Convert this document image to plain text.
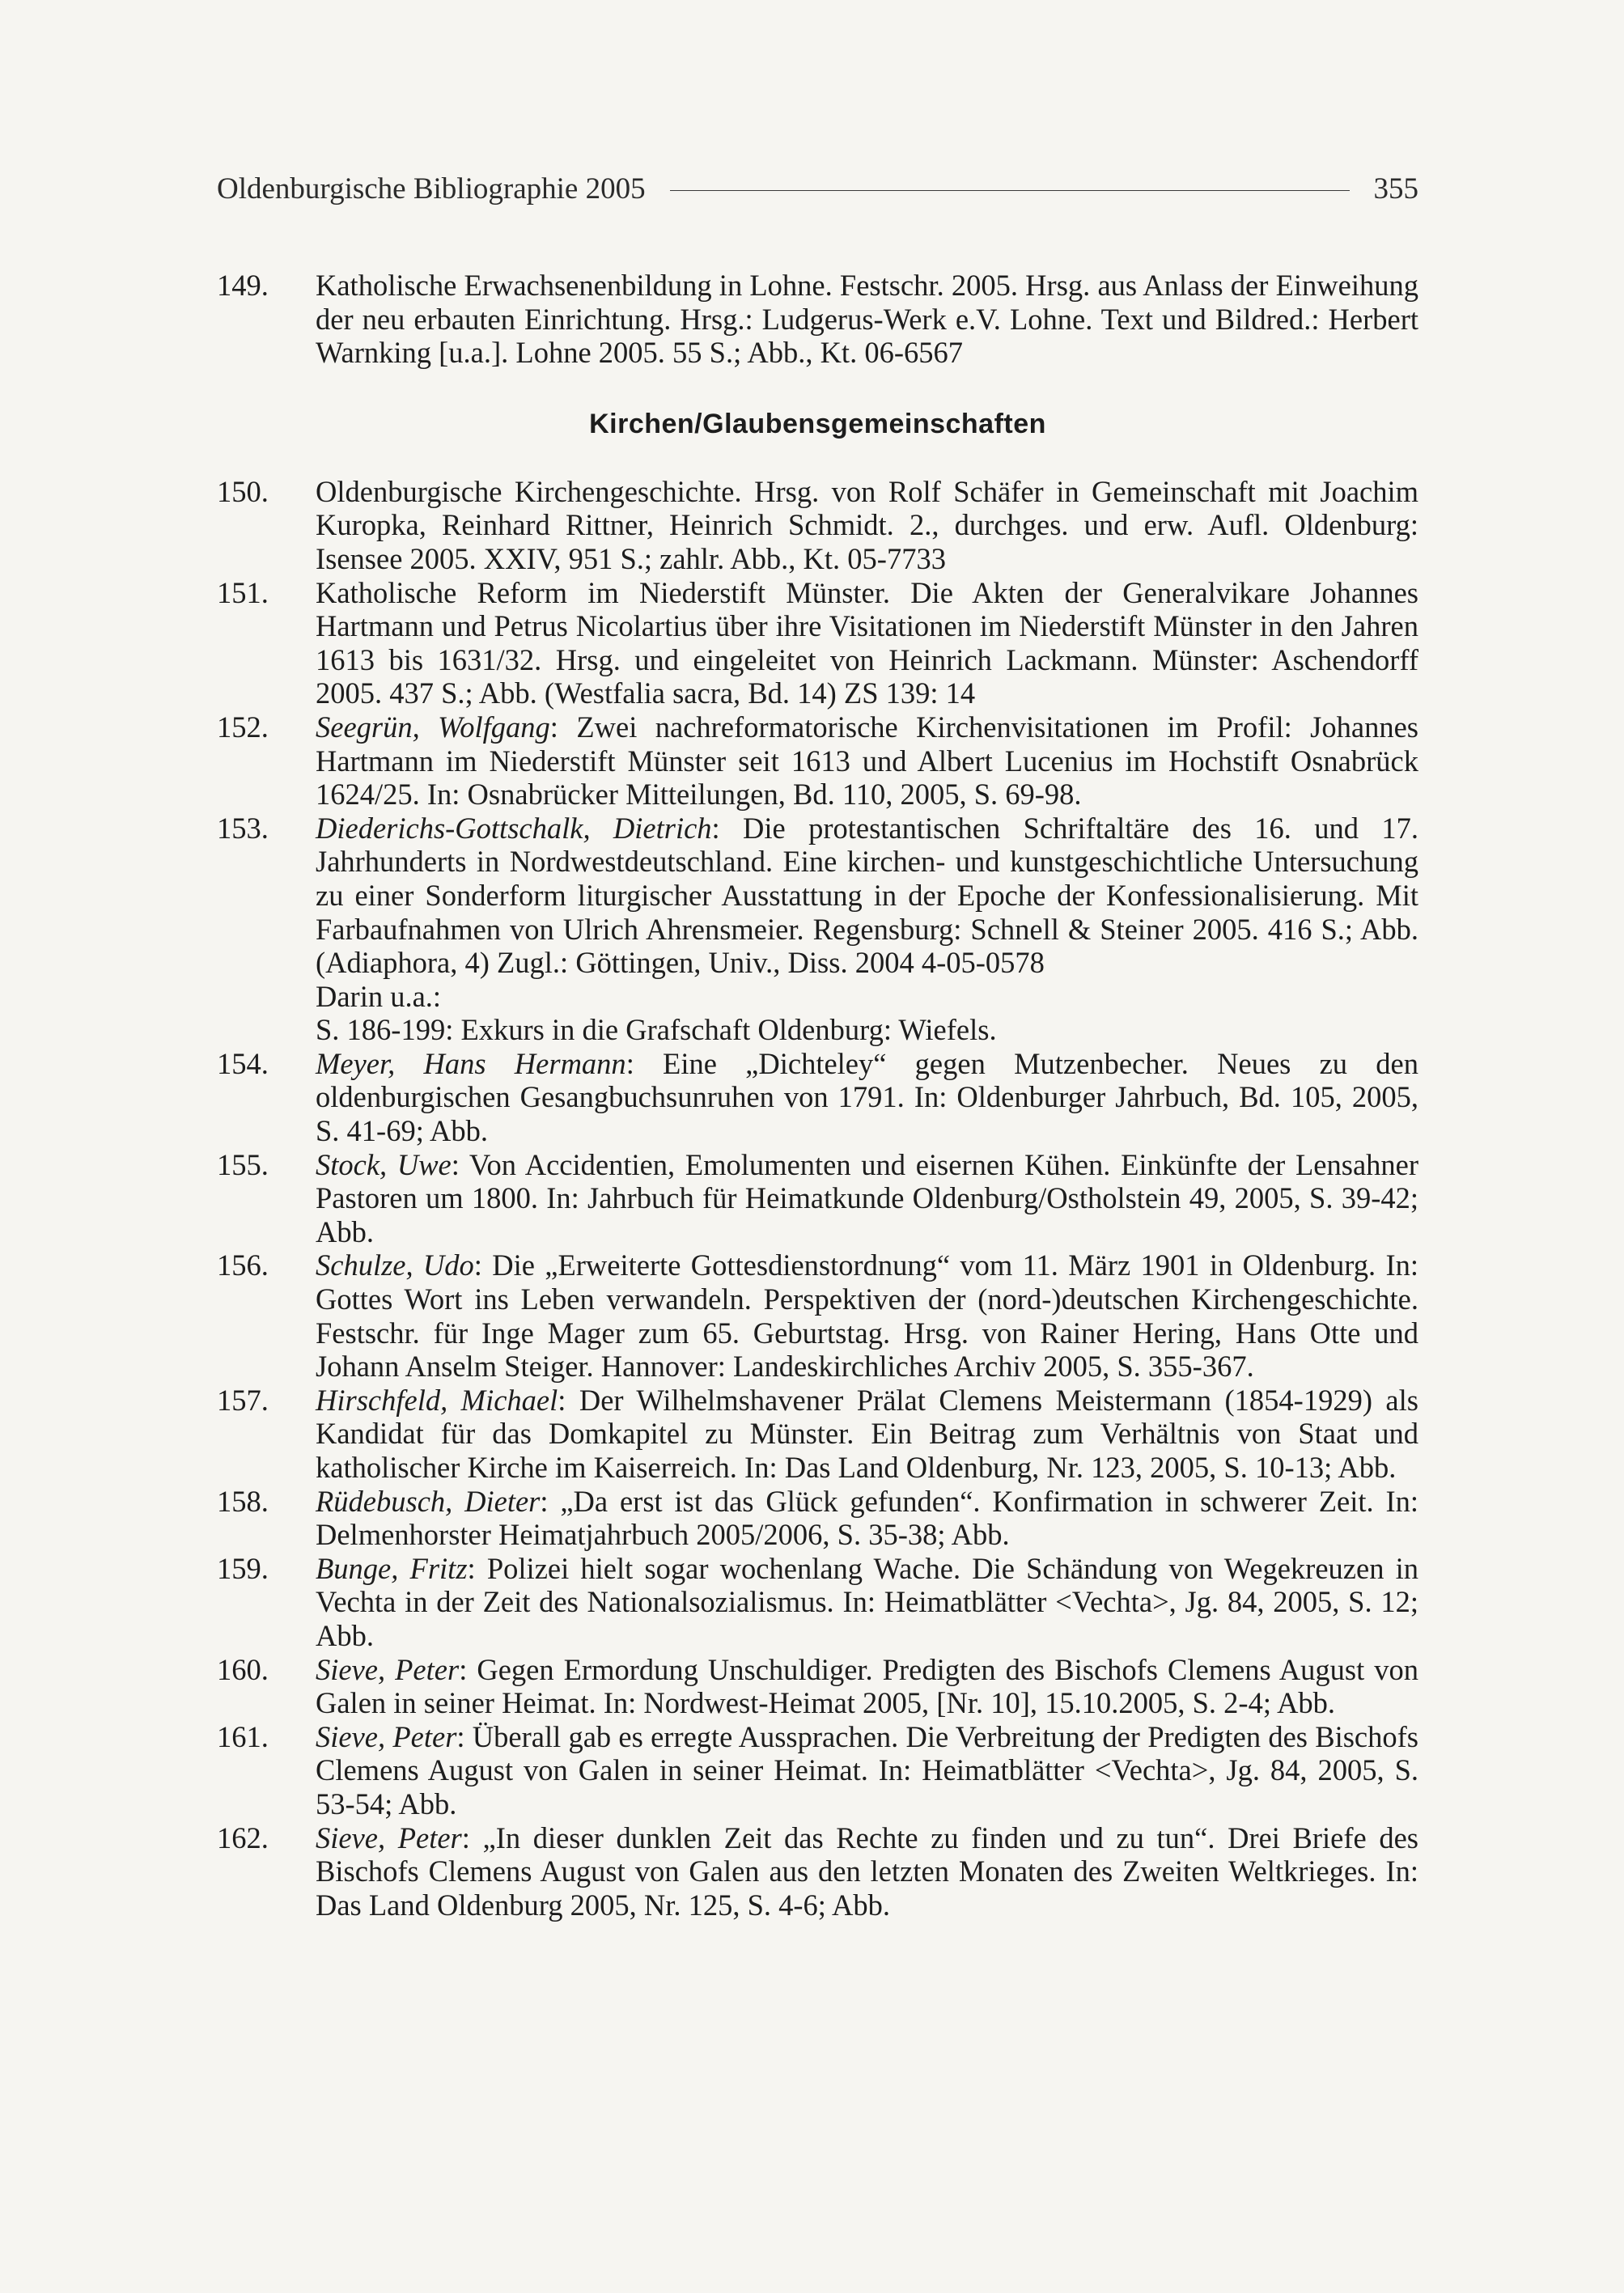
Oldenburgische Bibliographie 2005	355
149.	Katholische Erwachsenenbildung in Lohne. Festschr. 2005. Hrsg. aus Anlass der Einweihung der neu erbauten Einrichtung. Hrsg.: Ludgerus-Werk e.V. Lohne. Text und Bildred.: Herbert Warnking [u.a.]. Lohne 2005. 55 S.; Abb., Kt. 06-6567
Kirchen/Glaubensgemeinschaften
150.	Oldenburgische Kirchengeschichte. Hrsg. von Rolf Schäfer in Gemeinschaft mit Joachim Kuropka, Reinhard Rittner, Heinrich Schmidt. 2., durchges. und erw. Aufl. Oldenburg: Isensee 2005. XXIV, 951 S.; zahlr. Abb., Kt. 05-7733
151.	Katholische Reform im Niederstift Münster. Die Akten der Generalvikare Johannes Hartmann und Petrus Nicolartius über ihre Visitationen im Niederstift Münster in den Jahren 1613 bis 1631/32. Hrsg. und eingeleitet von Heinrich Lackmann. Münster: Aschendorff 2005. 437 S.; Abb. (Westfalia sacra, Bd. 14) ZS 139: 14
152.	Seegrün, Wolfgang: Zwei nachreformatorische Kirchenvisitationen im Profil: Johannes Hartmann im Niederstift Münster seit 1613 und Albert Lucenius im Hochstift Osnabrück 1624/25. In: Osnabrücker Mitteilungen, Bd. 110, 2005, S. 69-98.
153.	Diederichs-Gottschalk, Dietrich: Die protestantischen Schriftaltäre des 16. und 17. Jahrhunderts in Nordwestdeutschland. Eine kirchen- und kunstgeschichtliche Untersuchung zu einer Sonderform liturgischer Ausstattung in der Epoche der Konfessionalisierung. Mit Farbaufnahmen von Ulrich Ahrensmeier. Regensburg: Schnell & Steiner 2005. 416 S.; Abb. (Adiaphora, 4) Zugl.: Göttingen, Univ., Diss. 2004 4-05-0578
Darin u.a.:
S. 186-199: Exkurs in die Grafschaft Oldenburg: Wiefels.
154.	Meyer, Hans Hermann: Eine „Dichteley“ gegen Mutzenbecher. Neues zu den oldenburgischen Gesangbuchsunruhen von 1791. In: Oldenburger Jahrbuch, Bd. 105, 2005, S. 41-69; Abb.
155.	Stock, Uwe: Von Accidentien, Emolumenten und eisernen Kühen. Einkünfte der Lensahner Pastoren um 1800. In: Jahrbuch für Heimatkunde Oldenburg/Ostholstein 49, 2005, S. 39-42; Abb.
156.	Schulze, Udo: Die „Erweiterte Gottesdienstordnung“ vom 11. März 1901 in Oldenburg. In: Gottes Wort ins Leben verwandeln. Perspektiven der (nord-)deutschen Kirchengeschichte. Festschr. für Inge Mager zum 65. Geburtstag. Hrsg. von Rainer Hering, Hans Otte und Johann Anselm Steiger. Hannover: Landeskirchliches Archiv 2005, S. 355-367.
157.	Hirschfeld, Michael: Der Wilhelmshavener Prälat Clemens Meistermann (1854-1929) als Kandidat für das Domkapitel zu Münster. Ein Beitrag zum Verhältnis von Staat und katholischer Kirche im Kaiserreich. In: Das Land Oldenburg, Nr. 123, 2005, S. 10-13; Abb.
158.	Rüdebusch, Dieter: „Da erst ist das Glück gefunden“. Konfirmation in schwerer Zeit. In: Delmenhorster Heimatjahrbuch 2005/2006, S. 35-38; Abb.
159.	Bunge, Fritz: Polizei hielt sogar wochenlang Wache. Die Schändung von Wegekreuzen in Vechta in der Zeit des Nationalsozialismus. In: Heimatblätter <Vechta>, Jg. 84, 2005, S. 12; Abb.
160.	Sieve, Peter: Gegen Ermordung Unschuldiger. Predigten des Bischofs Clemens August von Galen in seiner Heimat. In: Nordwest-Heimat 2005, [Nr. 10], 15.10.2005, S. 2-4; Abb.
161.	Sieve, Peter: Überall gab es erregte Aussprachen. Die Verbreitung der Predigten des Bischofs Clemens August von Galen in seiner Heimat. In: Heimatblätter <Vechta>, Jg. 84, 2005, S. 53-54; Abb.
162.	Sieve, Peter: „In dieser dunklen Zeit das Rechte zu finden und zu tun“. Drei Briefe des Bischofs Clemens August von Galen aus den letzten Monaten des Zweiten Weltkrieges. In: Das Land Oldenburg 2005, Nr. 125, S. 4-6; Abb.
